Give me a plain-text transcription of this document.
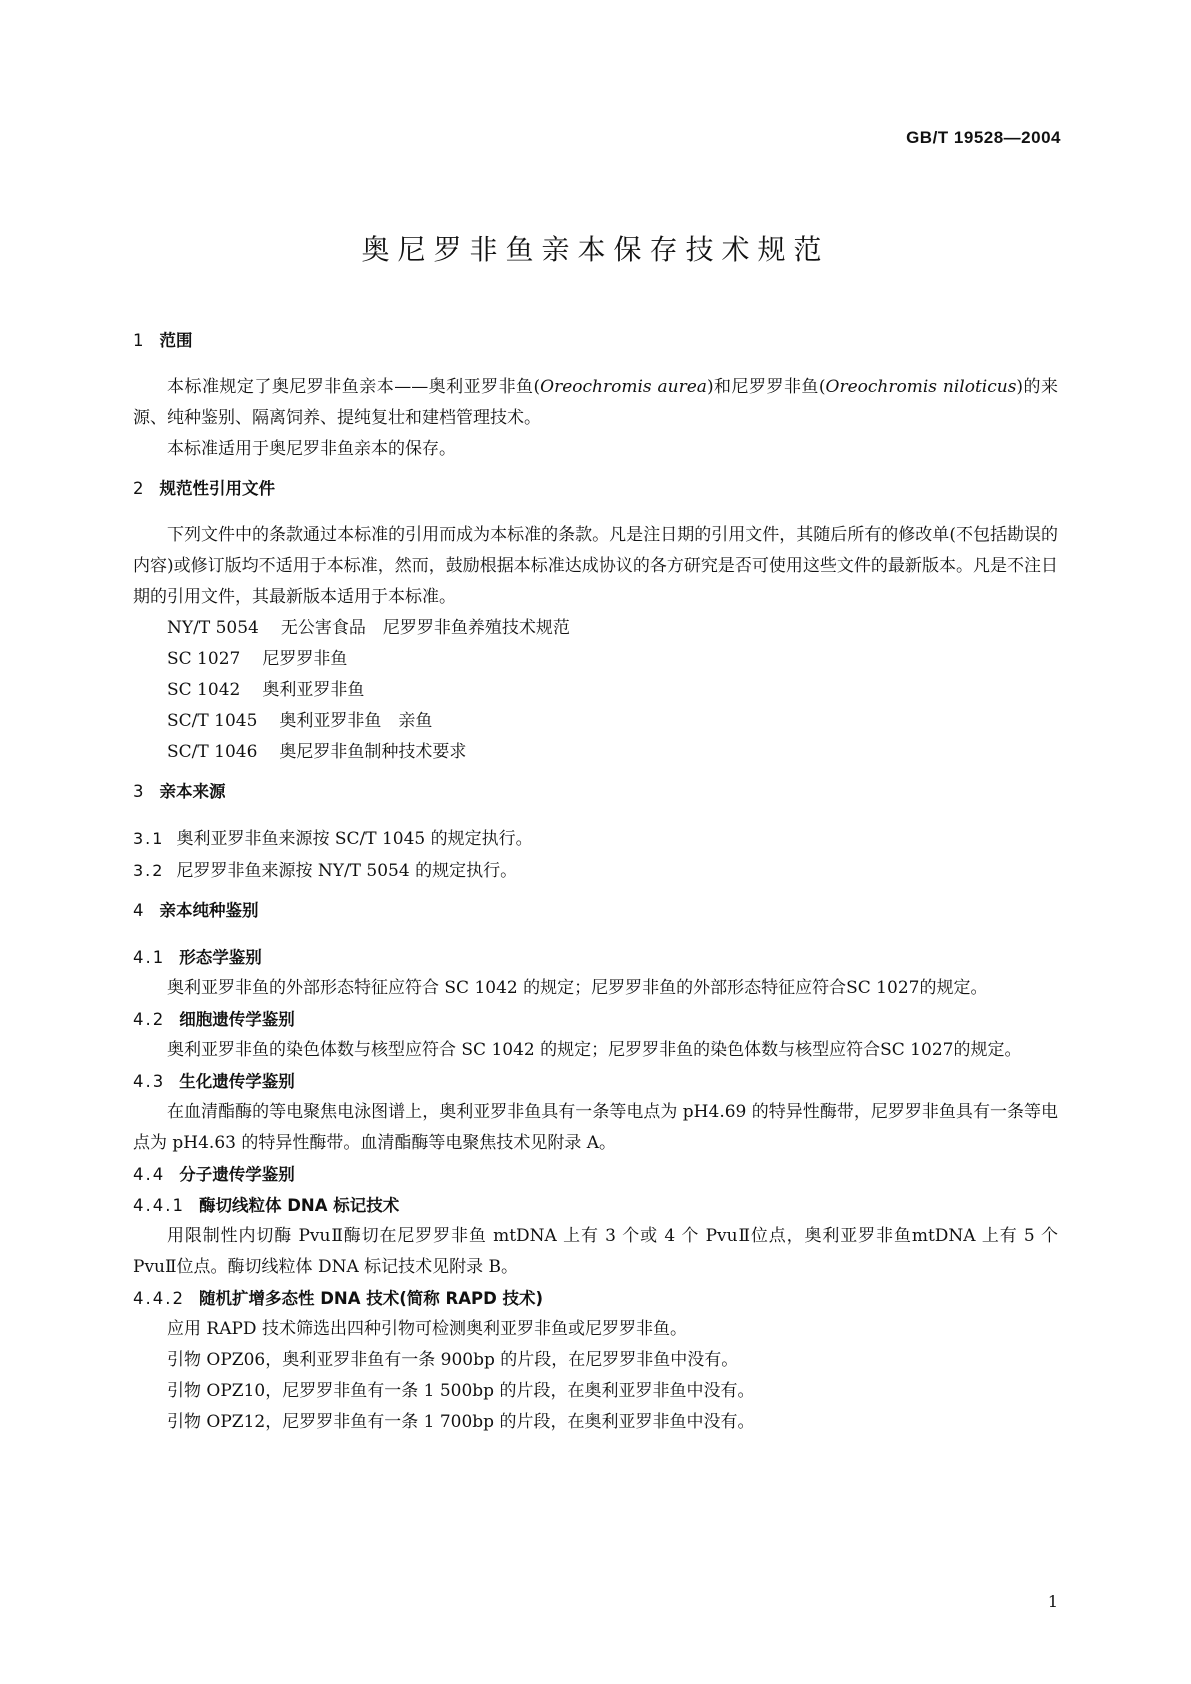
GB/T 19528—2004
奥尼罗非鱼亲本保存技术规范
1 范围

本标准规定了奥尼罗非鱼亲本——奥利亚罗非鱼(Oreochromis aurea)和尼罗罗非鱼(Oreochromis niloticus)的来源、纯种鉴别、隔离饲养、提纯复壮和建档管理技术。

本标准适用于奥尼罗非鱼亲本的保存。

2 规范性引用文件

下列文件中的条款通过本标准的引用而成为本标准的条款。凡是注日期的引用文件，其随后所有的修改单(不包括勘误的内容)或修订版均不适用于本标准，然而，鼓励根据本标准达成协议的各方研究是否可使用这些文件的最新版本。凡是不注日期的引用文件，其最新版本适用于本标准。

NY/T 5054 无公害食品　尼罗罗非鱼养殖技术规范
SC 1027 尼罗罗非鱼
SC 1042 奥利亚罗非鱼
SC/T 1045 奥利亚罗非鱼　亲鱼
SC/T 1046 奥尼罗非鱼制种技术要求
3 亲本来源
3.1 奥利亚罗非鱼来源按 SC/T 1045 的规定执行。
3.2 尼罗罗非鱼来源按 NY/T 5054 的规定执行。
4 亲本纯种鉴别
4.1 形态学鉴别

奥利亚罗非鱼的外部形态特征应符合 SC 1042 的规定；尼罗罗非鱼的外部形态特征应符合SC 1027的规定。

4.2 细胞遗传学鉴别

奥利亚罗非鱼的染色体数与核型应符合 SC 1042 的规定；尼罗罗非鱼的染色体数与核型应符合SC 1027的规定。

4.3 生化遗传学鉴别

在血清酯酶的等电聚焦电泳图谱上，奥利亚罗非鱼具有一条等电点为 pH4.69 的特异性酶带，尼罗罗非鱼具有一条等电点为 pH4.63 的特异性酶带。血清酯酶等电聚焦技术见附录 A。

4.4 分子遗传学鉴别
4.4.1 酶切线粒体 DNA 标记技术

用限制性内切酶 PvuⅡ酶切在尼罗罗非鱼 mtDNA 上有 3 个或 4 个 PvuⅡ位点，奥利亚罗非鱼mtDNA 上有 5 个 PvuⅡ位点。酶切线粒体 DNA 标记技术见附录 B。

4.4.2 随机扩增多态性 DNA 技术(简称 RAPD 技术)

应用 RAPD 技术筛选出四种引物可检测奥利亚罗非鱼或尼罗罗非鱼。

引物 OPZ06，奥利亚罗非鱼有一条 900bp 的片段，在尼罗罗非鱼中没有。

引物 OPZ10，尼罗罗非鱼有一条 1 500bp 的片段，在奥利亚罗非鱼中没有。

引物 OPZ12，尼罗罗非鱼有一条 1 700bp 的片段，在奥利亚罗非鱼中没有。

1
